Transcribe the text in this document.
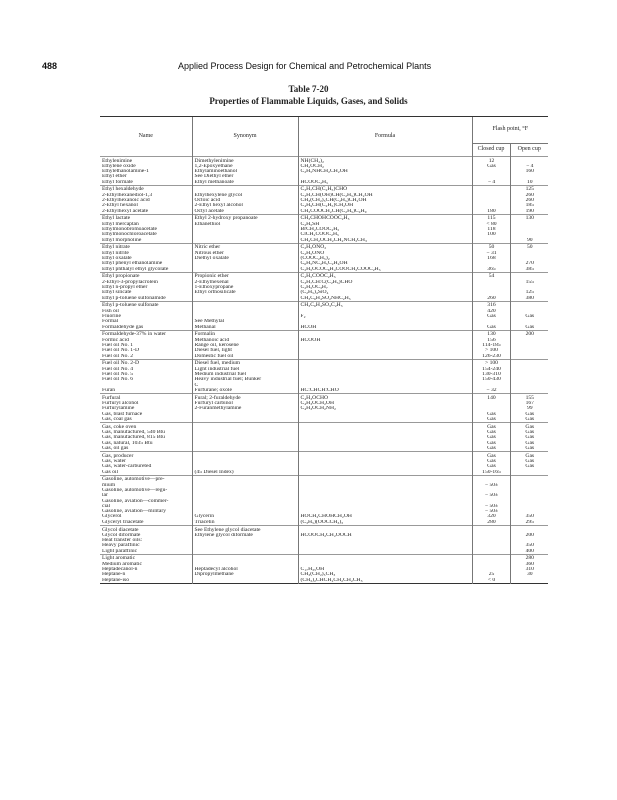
488	Applied Process Design for Chemical and Petrochemical Plants
Table 7-20
Properties of Flammable Liquids, Gases, and Solids
Name	Synonym	Formula	Flash point, °F	
			Closed cup	Open cup
Ethylenimine	Dimethylenimine	NH(CH₂)₂	12	
Ethylene oxide	1,2-Epoxyethane	CH₂OCH₂	Gas	− 4
Ethylethanolamine-1	Ethylaminoethanol	C₂H₅NHCH₂CH₂OH		160
Ethyl ether	See Diethyl ether			
Ethyl formate	Ethyl methanoate	HCOOC₂H₅	− 4	10
Ethyl hexaldehyde		C₃H₇CH(C₂H₅)CHO		125
2-Ethylhexanediol-1,3	Ethylhexylene glycol	C₃H₇CH(OH)CH(C₂H₅)CH₂OH		260
2-Ethylhexanoic acid	Octoic acid	CH₃(CH₂)₃CH(C₂H₅)CH₂OH		260
2-Ethyl hexanol	2-Ethyl hexyl alcohol	C₄H₉CH(C₂H₅)CH₂OH		185
2-Ethylhexyl acetate	Octyl acetate	CH₃COOCH₂CH(C₂H₅)C₄H₉	180	190
Ethyl lactate	Ethyl 2-hydroxy propanoate	CH₃CHOHCOOC₂H₅	115	130
Ethyl mercaptan	Ethanethiol	C₂H₅SH	< 80	
Ethylmonobromoacetate		BrCH₂COOC₂H₅	118	
Ethylmonochloroacetate		ClCH₂COOC₂H₅	100	
Ethyl morpholine		CH₂CH₂OCH₂CH₂NCH₂CH₃		90
Ethyl nitrate	Nitric ether	C₂H₅ONO₂	50	50
Ethyl nitrite	Nitrous ether	C₂H₅ONO	− 31	
Ethyl oxalate	Diethyl oxalate	(COOC₂H₅)₂	168	
Ethyl phenyl ethanolamine		C₆H₅NC₂H₅C₂H₄OH		270
Ethyl phthalyl ethyl glycolate		C₂H₅OCOC₆H₄COOCH₂COOC₂H₅	365	385
Ethyl propionate	Propionic ether	C₂H₅COOC₂H₅	54	
2-Ethyl-3-propylacrolein	2-Ethylhexenal	C₃H₇CH:C(C₂H₅)CHO		155
Ethyl n-propyl ether	1-Ethoxypropane	C₂H₅OC₃H₇		
Ethyl silicate	Ethyl orthosilicate	(C₂H₅)₄SiO₄		125
Ethyl p-toluene sulfonamide		CH₃C₆H₄SO₂NHC₂H₅	260	380
Ethyl p-toluene sulfonate		CH₃C₆H₄SO₃C₂H₅	316	
Fish oil			420	
Fluorine		F₂	Gas	Gas
Formal	See Methylal			
Formaldehyde gas	Methanal	HCOH	Gas	Gas
Formaldehyde-37% in water	Formalin		130	200
Formic acid	Methanoic acid	HCOOH	156	
Fuel oil No. 1	Range oil, kerosene		114-185	
Fuel oil No. 1-D	Diesel fuel, light		> 100	
Fuel oil No. 2	Domestic fuel oil		126-230	
Fuel oil No. 2-D	Diesel fuel, medium		> 100	
Fuel oil No. 4	Light industrial fuel		154-240	
Fuel oil No. 5	Medium industrial fuel		130-310	
Fuel oil No. 6	Heavy industrial fuel; Bunker		150-430	
	C			
Furan	Furfurane; oxole	HC:CHCH:CHO	− 32	
Furfural	Fural; 2-furaldehyde	C₄H₃OCHO	140	155
Furfuryl alcohol	Furfuryl carbinol	C₄H₃OCH₂OH		167
Furfurylamine	2-Furanmethylamine	C₄H₃OCH₂NH₂		99
Gas, blast furnace			Gas	Gas
Gas, coal gas			Gas	Gas
Gas, coke oven			Gas	Gas
Gas, manufactured, 540 Btu			Gas	Gas
Gas, manufactured, 815 Btu			Gas	Gas
Gas, natural, 1035 Btu			Gas	Gas
Gas, oil gas			Gas	Gas
Gas, producer			Gas	Gas
Gas, water			Gas	Gas
Gas, water-carbureted			Gas	Gas
Gas oil	(45 Diesel Index)		150-165	
Gasoline, automotive—pre-				
mium			− 50±	
Gasoline, automotive—regu-				
lar			− 50±	
Gasoline, aviation—commer-				
cial			− 50±	
Gasoline, aviation—military			− 50±	
Glycerol	Glycerin	HOCH₂CHOHCH₂OH	320	350
Glyceryl triacetate	Triacetin	(C₃H₅)(OOCCH₃)₃	280	295
Glycol diacetate	See Ethylene glycol diacetate			
Glycol diformate	Ethylene glycol diformate	HCOOCH₂CH₂OOCH		200
Heat transfer oils:				
Heavy paraffinic				350
Light paraffinic				400
Light aromatic				280
Medium aromatic				360
Heptadecanol-n	Heptadecyl alcohol	C₁₇H₃₅OH		310
Heptane-n	Dipropylmethane	CH₃(CH₂)₅CH₃	25	30
Heptane-iso		(CH₃)₂CHCH₂CH₂CH₂CH₃	< 0	
